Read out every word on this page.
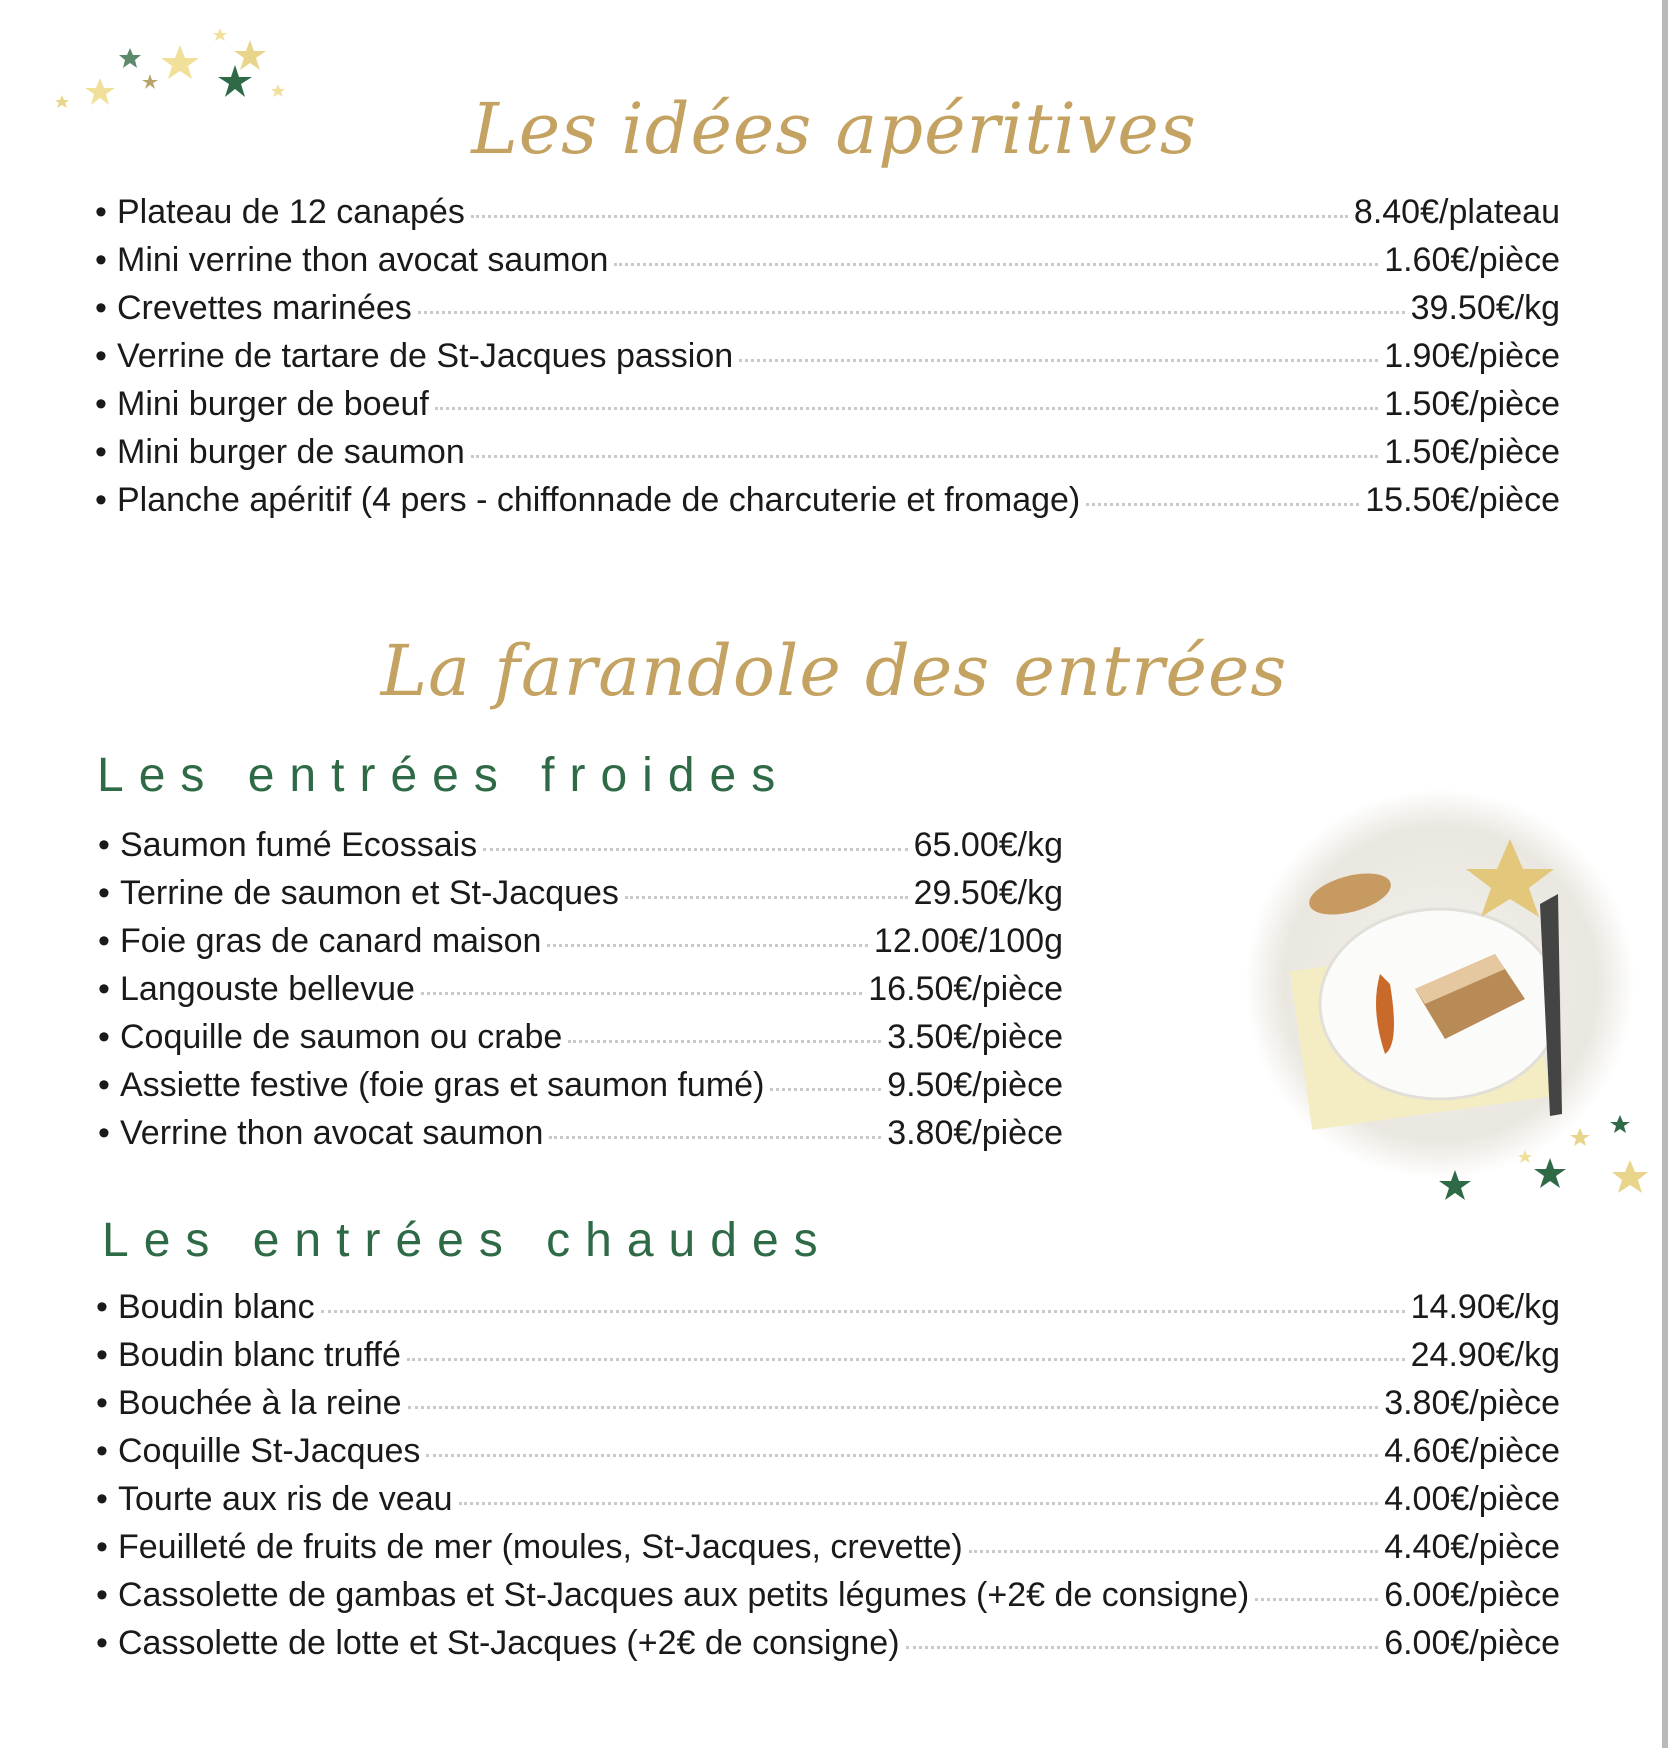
Les idées apéritives
• Plateau de 12 canapés	8.40€/plateau
• Mini verrine thon avocat saumon	1.60€/pièce
• Crevettes marinées	39.50€/kg
• Verrine de tartare de St-Jacques passion	1.90€/pièce
• Mini burger de boeuf	1.50€/pièce
• Mini burger de saumon	1.50€/pièce
• Planche apéritif (4 pers - chiffonnade de charcuterie et fromage)	15.50€/pièce
La farandole des entrées
Les entrées froides
• Saumon fumé Ecossais	65.00€/kg
• Terrine de saumon et St-Jacques	29.50€/kg
• Foie gras de canard maison	12.00€/100g
• Langouste bellevue	16.50€/pièce
• Coquille de saumon ou crabe	3.50€/pièce
• Assiette festive (foie gras et saumon fumé)	9.50€/pièce
• Verrine thon avocat saumon	3.80€/pièce
Les entrées chaudes
• Boudin blanc	14.90€/kg
• Boudin blanc truffé	24.90€/kg
• Bouchée à la reine	3.80€/pièce
• Coquille St-Jacques	4.60€/pièce
• Tourte aux ris de veau	4.00€/pièce
• Feuilleté de fruits de mer (moules, St-Jacques, crevette)	4.40€/pièce
• Cassolette de gambas et St-Jacques aux petits légumes (+2€ de consigne)	6.00€/pièce
• Cassolette de lotte et St-Jacques (+2€ de consigne)	6.00€/pièce
